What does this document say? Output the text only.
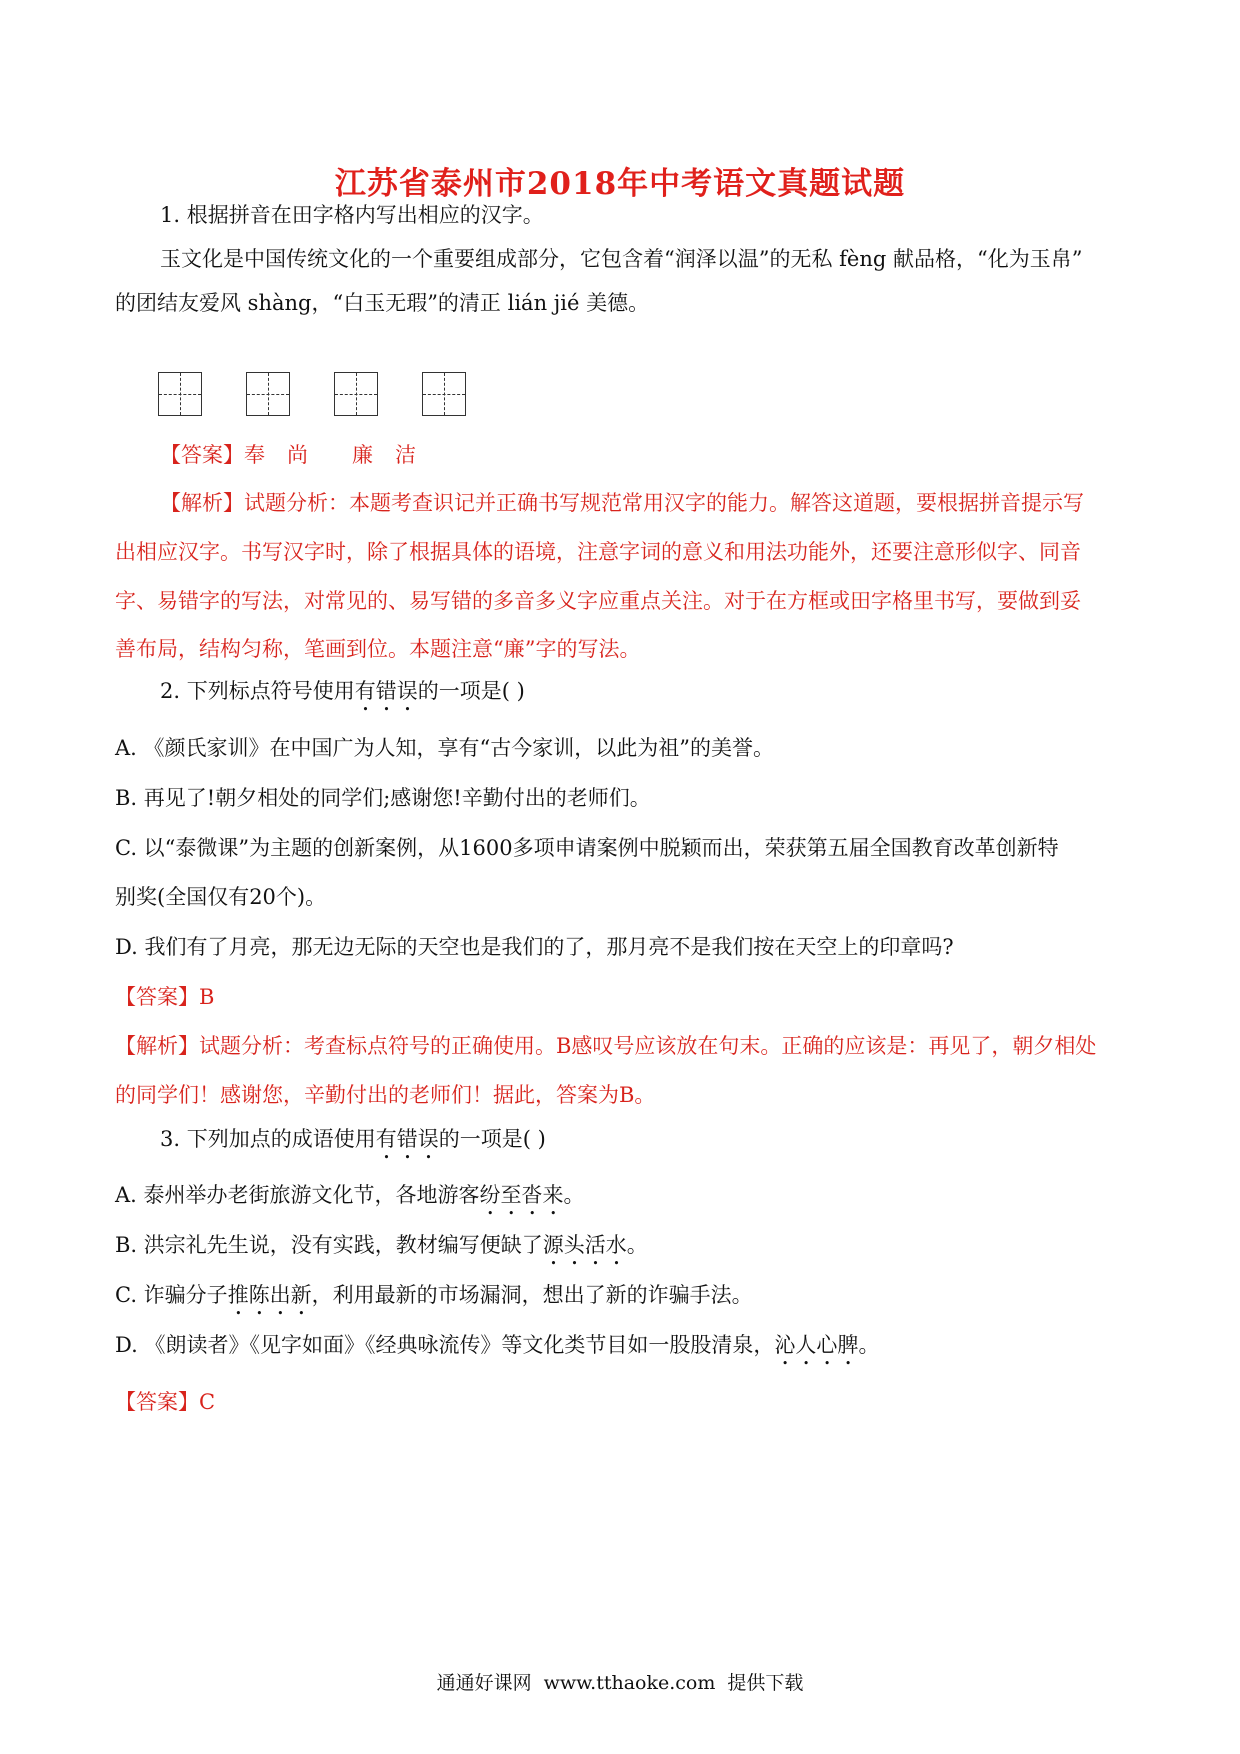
江苏省泰州市2018年中考语文真题试题
1. 根据拼音在田字格内写出相应的汉字。
玉文化是中国传统文化的一个重要组成部分，它包含着“润泽以温”的无私 fèng 献品格，“化为玉帛”
的团结友爱风 shàng，“白玉无瑕”的清正 lián jié 美德。
【答案】奉 尚 廉 洁
【解析】试题分析：本题考查识记并正确书写规范常用汉字的能力。解答这道题，要根据拼音提示写
出相应汉字。书写汉字时，除了根据具体的语境，注意字词的意义和用法功能外，还要注意形似字、同音
字、易错字的写法，对常见的、易写错的多音多义字应重点关注。对于在方框或田字格里书写，要做到妥
善布局，结构匀称，笔画到位。本题注意“廉”字的写法。
2. 下列标点符号使用有错误的一项是( )
A. 《颜氏家训》在中国广为人知，享有“古今家训，以此为祖”的美誉。
B. 再见了!朝夕相处的同学们;感谢您!辛勤付出的老师们。
C. 以“泰微课”为主题的创新案例，从1600多项申请案例中脱颖而出，荣获第五届全国教育改革创新特
别奖(全国仅有20个)。
D. 我们有了月亮，那无边无际的天空也是我们的了，那月亮不是我们按在天空上的印章吗?
【答案】B
【解析】试题分析：考查标点符号的正确使用。B感叹号应该放在句末。正确的应该是：再见了，朝夕相处
的同学们！感谢您，辛勤付出的老师们！据此，答案为B。
3. 下列加点的成语使用有错误的一项是( )
A. 泰州举办老街旅游文化节，各地游客纷至沓来。
B. 洪宗礼先生说，没有实践，教材编写便缺了源头活水。
C. 诈骗分子推陈出新，利用最新的市场漏洞，想出了新的诈骗手法。
D. 《朗读者》《见字如面》《经典咏流传》等文化类节目如一股股清泉，沁人心脾。
【答案】C
通通好课网 www.tthaoke.com 提供下载
